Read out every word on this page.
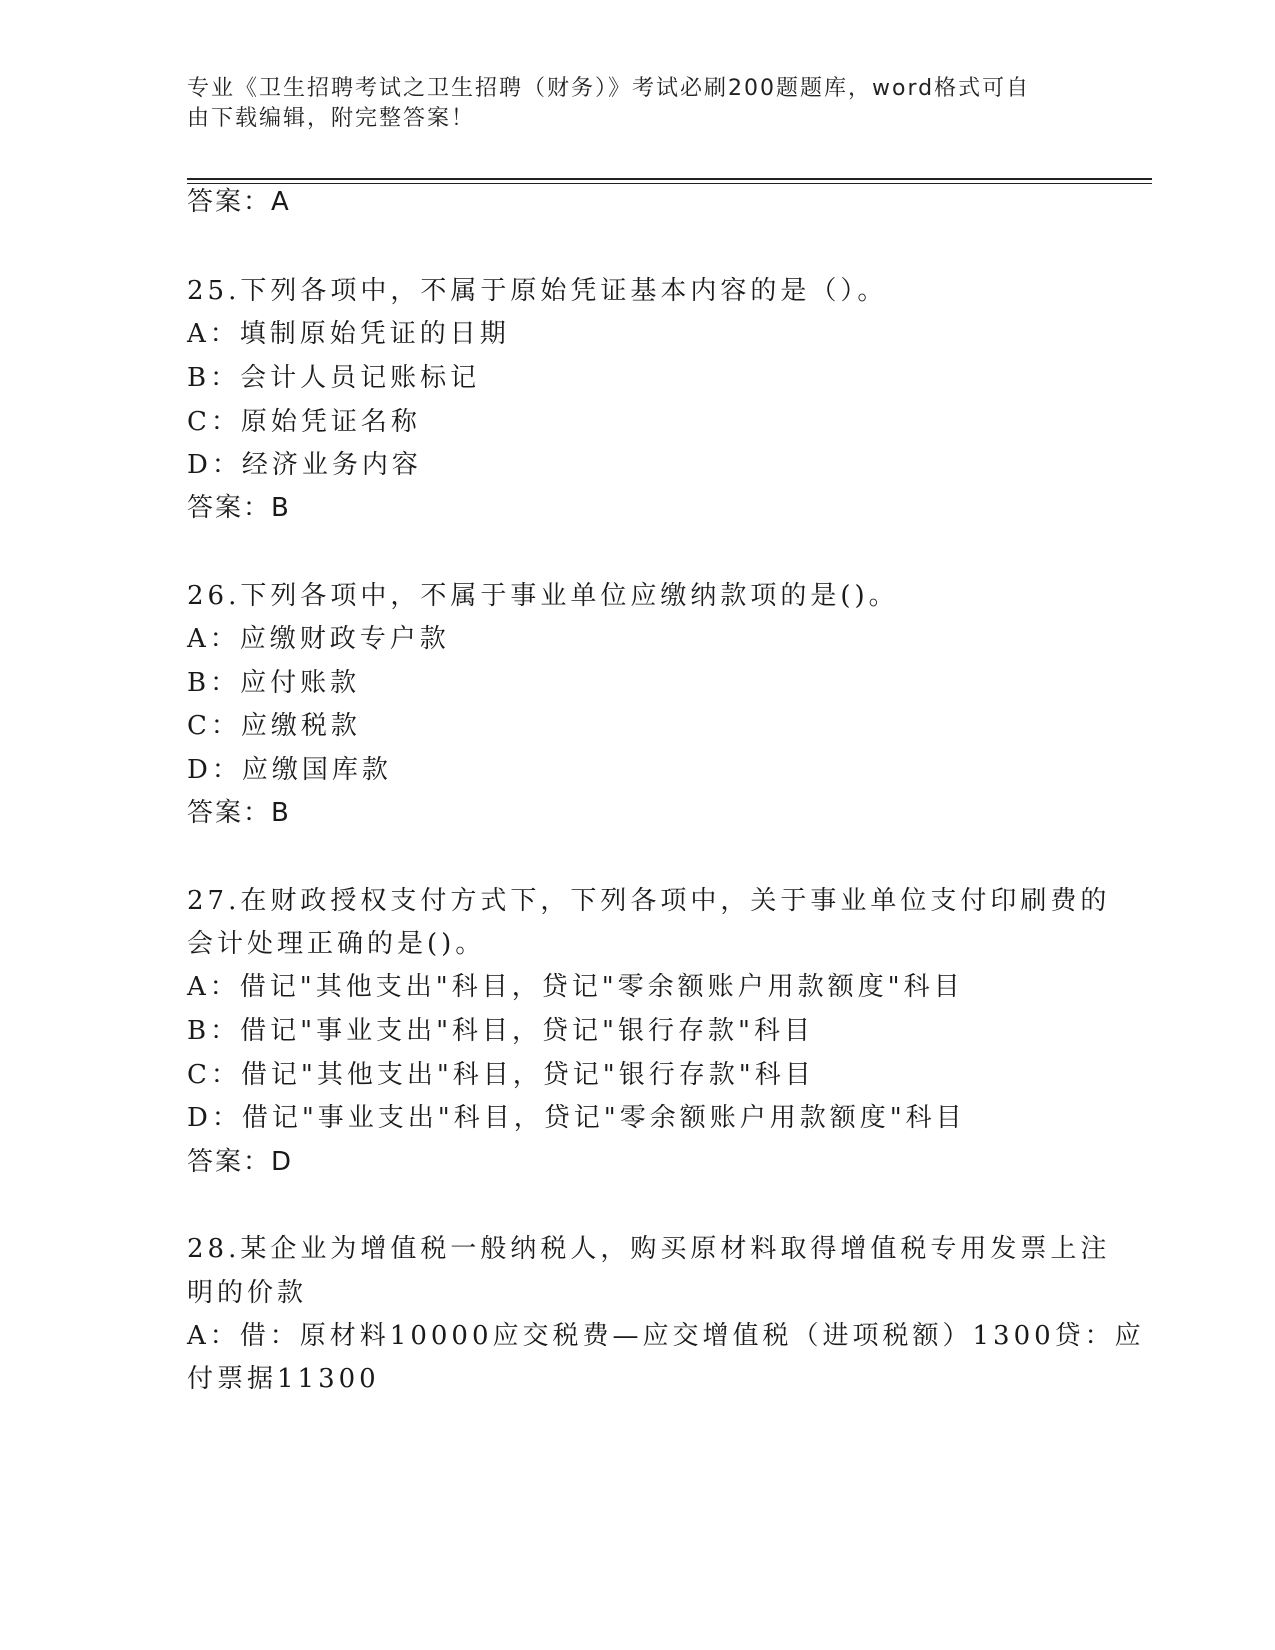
专业《卫生招聘考试之卫生招聘（财务）》考试必刷200题题库，word格式可自
由下载编辑，附完整答案！
答案：A
25.下列各项中，不属于原始凭证基本内容的是（）。
A：填制原始凭证的日期
B：会计人员记账标记
C：原始凭证名称
D：经济业务内容
答案：B
26.下列各项中，不属于事业单位应缴纳款项的是()。
A：应缴财政专户款
B：应付账款
C：应缴税款
D：应缴国库款
答案：B
27.在财政授权支付方式下，下列各项中，关于事业单位支付印刷费的
会计处理正确的是()。
A：借记"其他支出"科目，贷记"零余额账户用款额度"科目
B：借记"事业支出"科目，贷记"银行存款"科目
C：借记"其他支出"科目，贷记"银行存款"科目
D：借记"事业支出"科目，贷记"零余额账户用款额度"科目
答案：D
28.某企业为增值税一般纳税人，购买原材料取得增值税专用发票上注
明的价款
A：借：原材料10000应交税费—应交增值税（进项税额）1300贷：应
付票据11300
